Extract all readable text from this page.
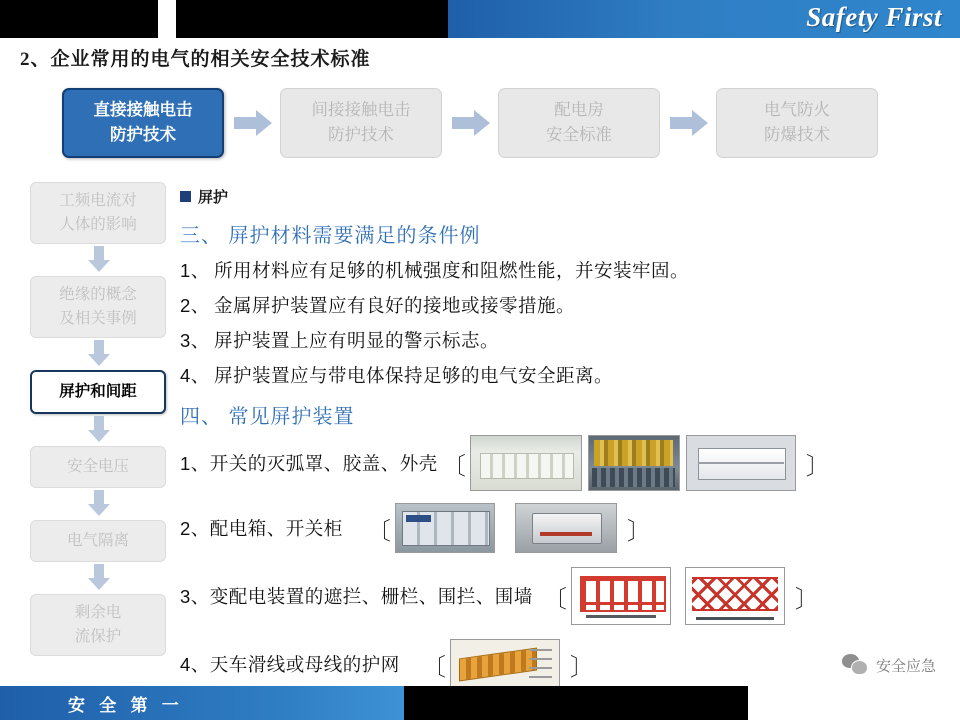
Safety First
2、企业常用的电气的相关安全技术标准
直接接触电击
防护技术
间接接触电击
防护技术
配电房
安全标准
电气防火
防爆技术
工频电流对
人体的影响
绝缘的概念
及相关事例
屏护和间距
安全电压
电气隔离
剩余电
流保护
屏护
三、 屏护材料需要满足的条件例
1、 所用材料应有足够的机械强度和阻燃性能，并安装牢固。
2、 金属屏护装置应有良好的接地或接零措施。
3、 屏护装置上应有明显的警示标志。
4、 屏护装置应与带电体保持足够的电气安全距离。
四、 常见屏护装置
1、 开关的灭弧罩、胶盖、外壳 〔	〕
2、 配电箱、开关柜 〔	〕
3、 变配电装置的遮拦、栅栏、围拦、围墙 〔	〕
4、 天车滑线或母线的护网 〔	〕	安全应急
安 全 第 一
